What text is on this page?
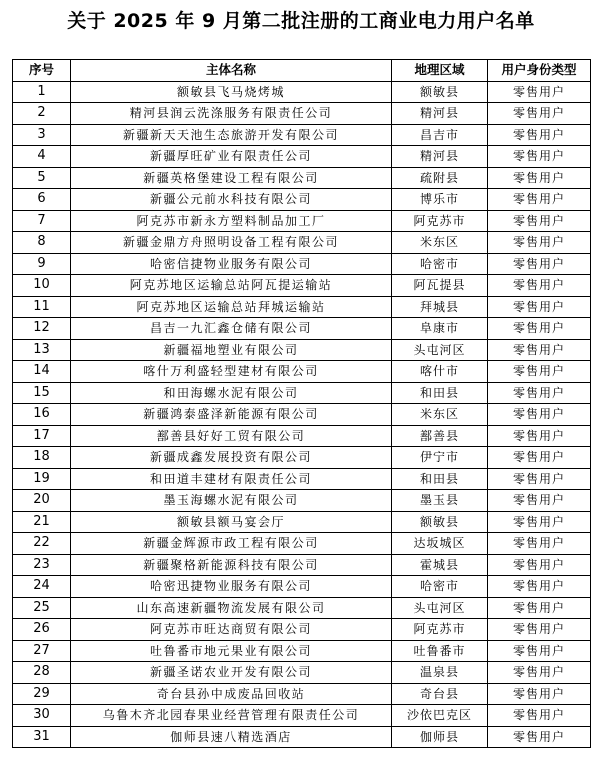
关于 2025 年 9 月第二批注册的工商业电力用户名单
序号	主体名称	地理区域	用户身份类型
1	额敏县飞马烧烤城	额敏县	零售用户
2	精河县润云洗涤服务有限责任公司	精河县	零售用户
3	新疆新天天池生态旅游开发有限公司	昌吉市	零售用户
4	新疆厚旺矿业有限责任公司	精河县	零售用户
5	新疆英格堡建设工程有限公司	疏附县	零售用户
6	新疆公元前水科技有限公司	博乐市	零售用户
7	阿克苏市新永方塑料制品加工厂	阿克苏市	零售用户
8	新疆金鼎方舟照明设备工程有限公司	米东区	零售用户
9	哈密信捷物业服务有限公司	哈密市	零售用户
10	阿克苏地区运输总站阿瓦提运输站	阿瓦提县	零售用户
11	阿克苏地区运输总站拜城运输站	拜城县	零售用户
12	昌吉一九汇鑫仓储有限公司	阜康市	零售用户
13	新疆福地塑业有限公司	头屯河区	零售用户
14	喀什万利盛轻型建材有限公司	喀什市	零售用户
15	和田海螺水泥有限公司	和田县	零售用户
16	新疆鸿泰盛泽新能源有限公司	米东区	零售用户
17	鄯善县好好工贸有限公司	鄯善县	零售用户
18	新疆成鑫发展投资有限公司	伊宁市	零售用户
19	和田道丰建材有限责任公司	和田县	零售用户
20	墨玉海螺水泥有限公司	墨玉县	零售用户
21	额敏县额马宴会厅	额敏县	零售用户
22	新疆金辉源市政工程有限公司	达坂城区	零售用户
23	新疆聚格新能源科技有限公司	霍城县	零售用户
24	哈密迅捷物业服务有限公司	哈密市	零售用户
25	山东高速新疆物流发展有限公司	头屯河区	零售用户
26	阿克苏市旺达商贸有限公司	阿克苏市	零售用户
27	吐鲁番市地元果业有限公司	吐鲁番市	零售用户
28	新疆圣诺农业开发有限公司	温泉县	零售用户
29	奇台县孙中成废品回收站	奇台县	零售用户
30	乌鲁木齐北园春果业经营管理有限责任公司	沙依巴克区	零售用户
31	伽师县速八精选酒店	伽师县	零售用户
